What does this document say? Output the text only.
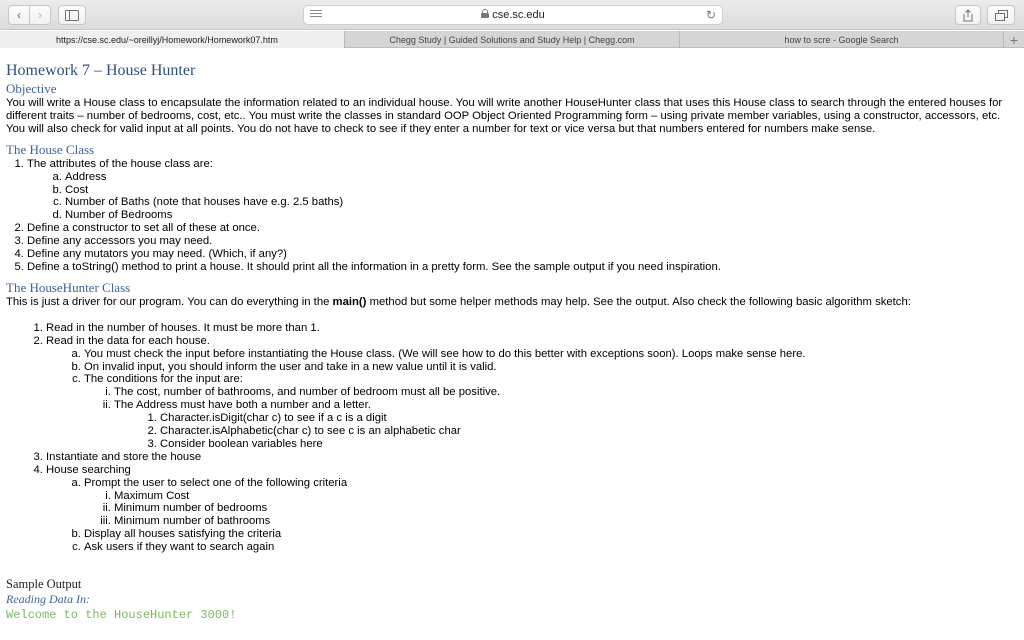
‹ ›	cse.sc.edu	↻
https://cse.sc.edu/~oreillyj/Homework/Homework07.htm	Chegg Study | Guided Solutions and Study Help | Chegg.com	how to scre - Google Search	+
Homework 7 – House Hunter
Objective

You will write a House class to encapsulate the information related to an individual house. You will write another HouseHunter class that uses this House class to search through the entered houses for different traits – number of bedrooms, cost, etc.. You must write the classes in standard OOP Object Oriented Programming form – using private member variables, using a constructor, accessors, etc. You will also check for valid input at all points. You do not have to check to see if they enter a number for text or vice versa but that numbers entered for numbers make sense.

The House Class
1. The attributes of the house class are:
a. Address
b. Cost
c. Number of Baths (note that houses have e.g. 2.5 baths)
d. Number of Bedrooms
2. Define a constructor to set all of these at once.
3. Define any accessors you may need.
4. Define any mutators you may need. (Which, if any?)
5. Define a toString() method to print a house. It should print all the information in a pretty form. See the sample output if you need inspiration.
The HouseHunter Class

This is just a driver for our program. You can do everything in the main() method but some helper methods may help. See the output. Also check the following basic algorithm sketch:

1. Read in the number of houses. It must be more than 1.
2. Read in the data for each house.
a. You must check the input before instantiating the House class. (We will see how to do this better with exceptions soon). Loops make sense here.
b. On invalid input, you should inform the user and take in a new value until it is valid.
c. The conditions for the input are:
i. The cost, number of bathrooms, and number of bedroom must all be positive.
ii. The Address must have both a number and a letter.
1. Character.isDigit(char c) to see if a c is a digit
2. Character.isAlphabetic(char c) to see c is an alphabetic char
3. Consider boolean variables here
3. Instantiate and store the house
4. House searching
a. Prompt the user to select one of the following criteria
i. Maximum Cost
ii. Minimum number of bedrooms
iii. Minimum number of bathrooms
b. Display all houses satisfying the criteria
c. Ask users if they want to search again
Sample Output
Reading Data In:
Welcome to the HouseHunter 3000!
